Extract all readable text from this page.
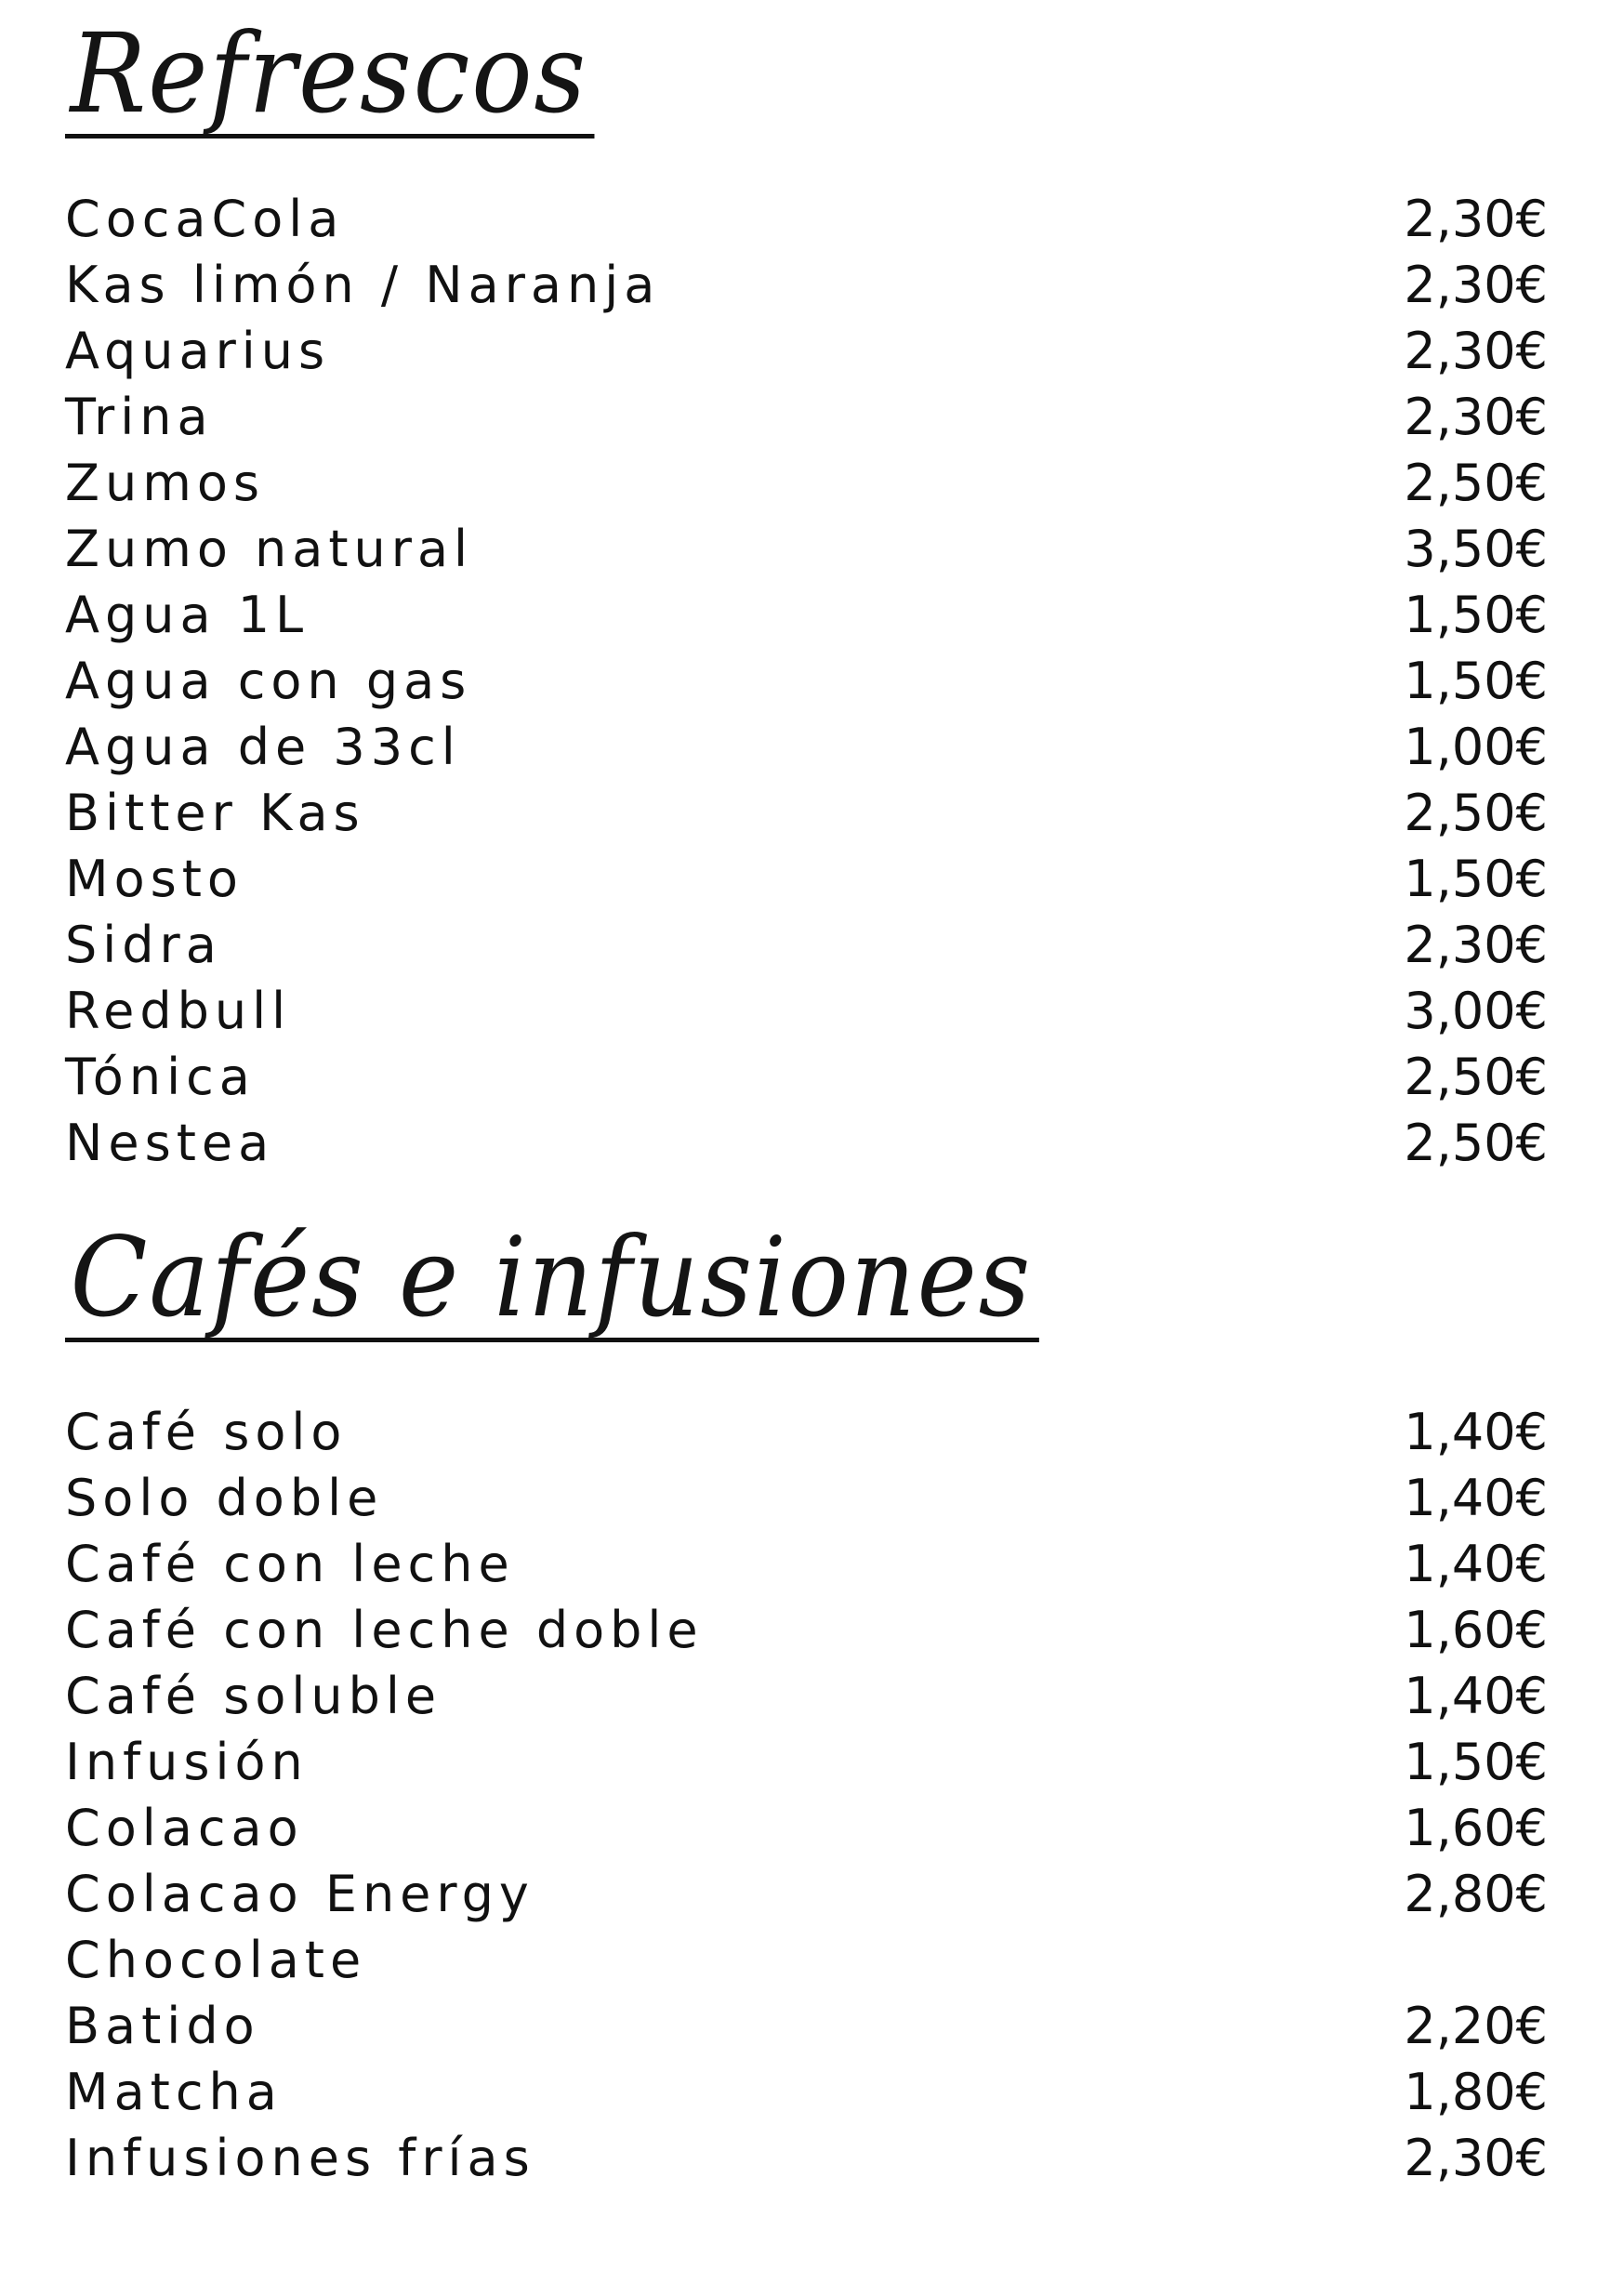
Refrescos
CocaCola	2,30€
Kas limón / Naranja	2,30€
Aquarius	2,30€
Trina	2,30€
Zumos	2,50€
Zumo natural	3,50€
Agua 1L	1,50€
Agua con gas	1,50€
Agua de 33cl	1,00€
Bitter Kas	2,50€
Mosto	1,50€
Sidra	2,30€
Redbull	3,00€
Tónica	2,50€
Nestea	2,50€
Cafés e infusiones
Café solo	1,40€
Solo doble	1,40€
Café con leche	1,40€
Café con leche doble	1,60€
Café soluble	1,40€
Infusión	1,50€
Colacao	1,60€
Colacao Energy	2,80€
Chocolate
Batido	2,20€
Matcha	1,80€
Infusiones frías	2,30€
